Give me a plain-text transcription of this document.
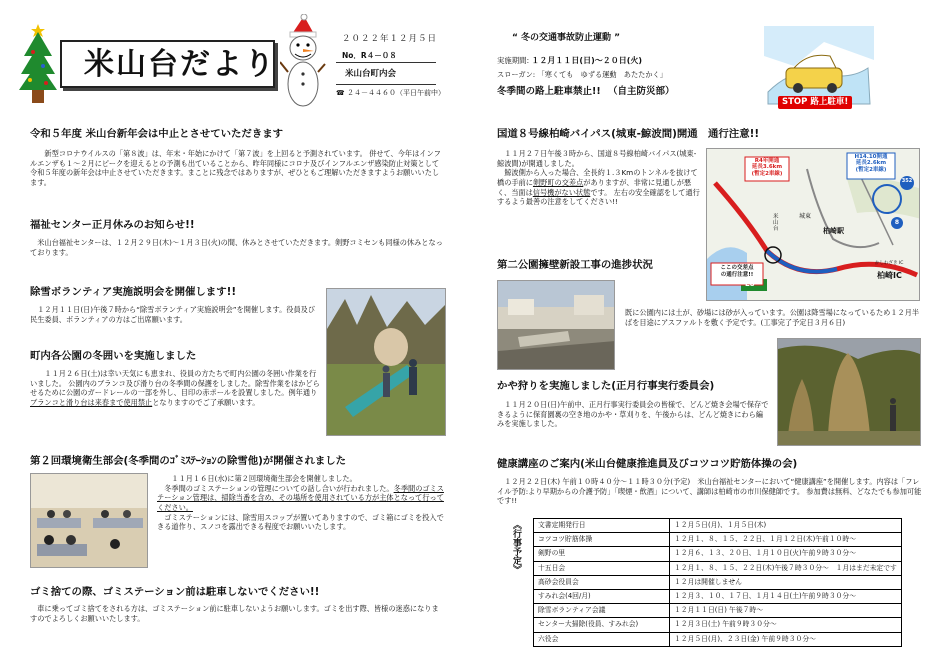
米山台だより
２０２２年１２月５日
No．R４－０８
米山台町内会
☎ ２４－４４６０（平日午前中）
令和５年度 米山台新年会は中止とさせていただきます
新型コロナウイルスの「第８波」は、年末・年始にかけて「第７波」を上回ると予測されています。 併せて、今年はインフルエンザも１～２月にピークを迎えるとの予測も出ていることから、昨年同様にコロナ及びインフルエンザ感染防止対策として令和５年度の新年会は中止させていただきます。まことに残念ではありますが、ぜひともご理解いただきますようお願いいたします。
福祉センター正月休みのお知らせ!!
米山台福祉センターは、１２月２９日(木)～１月３日(火)の間、休みとさせていただきます。剣野コミセンも同様の休みとなっております。
除雪ボランティア実施説明会を開催します!!
１２月１１日(日)午後７時から“除雪ボランティア実施説明会”を開催します。役員及び民生委員、ボランティアの方はご出席願います。
町内各公園の冬囲いを実施しました
１１月２６日(土)は幸い天気にも恵まれ、役員の方たちで町内公園の冬囲い作業を行いました。 公園内のブランコ及び滑り台の冬季間の保護をしました。除雪作業をはかどらせるために公園のガードレールの一部を外し、目印の赤ポールを設置しました。例年通りブランコと滑り台は来春まで使用禁止となりますのでご了承願います。
第２回環境衛生部会(冬季間のｺﾞﾐｽﾃｰｼｮﾝの除雪他)が開催されました
１１月１６日(水)に第２回環境衛生部会を開催しました。
冬季間のゴミステーションの管理についての話し合いが行われました。冬季間のゴミステーション管理は、掃除当番を含め、その場所を使用されている方が主体となって行ってください。
ゴミステーションには、除雪用スコップが置いてありますので、ゴミ箱にゴミを投入できる道作り、スノコを露出できる程度でお願いいたします。
ゴミ捨ての際、ゴミステーション前は駐車しないでください!!
車に乗ってゴミ捨てをされる方は、ゴミステーション前に駐車しないようお願いします。ゴミを出す際、皆様の迷惑になりますのでよろしくお願いいたします。
“ 冬の交通事故防止運動 ”
実施期間: １２月１１日(日)～２０日(火)
スローガン: 「寒くても　ゆずる運動　あたたかく」
冬季間の路上駐車禁止!! （自主防災部）
STOP 路上駐車!
国道８号線柏崎バイパス(城東-鯨波間)開通　通行注意!!
１１月２７日午後３時から、国道８号線柏崎バイパス(城東-鯨波間)が開通しました。
鯨波側から入った場合、全長約１.３Kmのトンネルを抜けて橋の手前に剣野町の交差点がありますが、非常に見通しが悪く、当面は信号機がない状態です。 左右の安全確認をして通行するよう最善の注意をしてください!!
R4年開通
延長3.6km
(暫定2車線)
H14.10開通
延長2.6km
(暫定2車線)
352
8
柏崎駅
城東
米山台
かしわざき IC
柏崎IC
E8
ここの交差点
の通行注意!!
第二公園擁壁新設工事の進捗状況
既に公園内には土が、砂場には砂が入っています。公園は降雪場になっているため１２月半ばを目途にアスファルトを敷く予定です。(工事完了予定日３月６日)
かや狩りを実施しました(正月行事実行委員会)
１１月２０日(日)午前中、正月行事実行委員会の皆様で、どんど焼き会場で保存できるように保育園裏の空き地のかや・草刈りを、午後からは、どんど焼きにわら編みを実施しました。
健康講座のご案内(米山台健康推進員及びコツコツ貯筋体操の会)
１２月２２日(木) 午前１０時４０分～１１時３０分(予定)　米山台福祉センターにおいて“健康講座”を開催します。内容は「フレイル予防:より早期からの介護予防」「喫煙・飲酒」について、講師は柏崎市の市川保健師です。 参加費は無料、どなたでも参加可能です!!
《行事予定》	文書定期発行日	１２月５日(月)、１月５日(木)
コツコツ貯筋体操	１２月１、８、１５、２２日、１月１２日(木)午前１０時～
剣野の里	１２月６、１３、２０日、１月１０日(火)午前９時３０分～
十五日会	１２月１、８、１５、２２日(木)午後７時３０分～　１月はまだ未定です
高砂会役員会	１２月は開催しません
すみれ会(4回/月)	１２月３、１０、１７日、１月１４日(土)午前９時３０分～
除雪ボランティア会議	１２月１１日(日) 午後７時～
センター大掃除(役員、すみれ会)	１２月３日(土) 午前９時３０分～
六役会	１２月５日(月)、２３日(金) 午前９時３０分～
